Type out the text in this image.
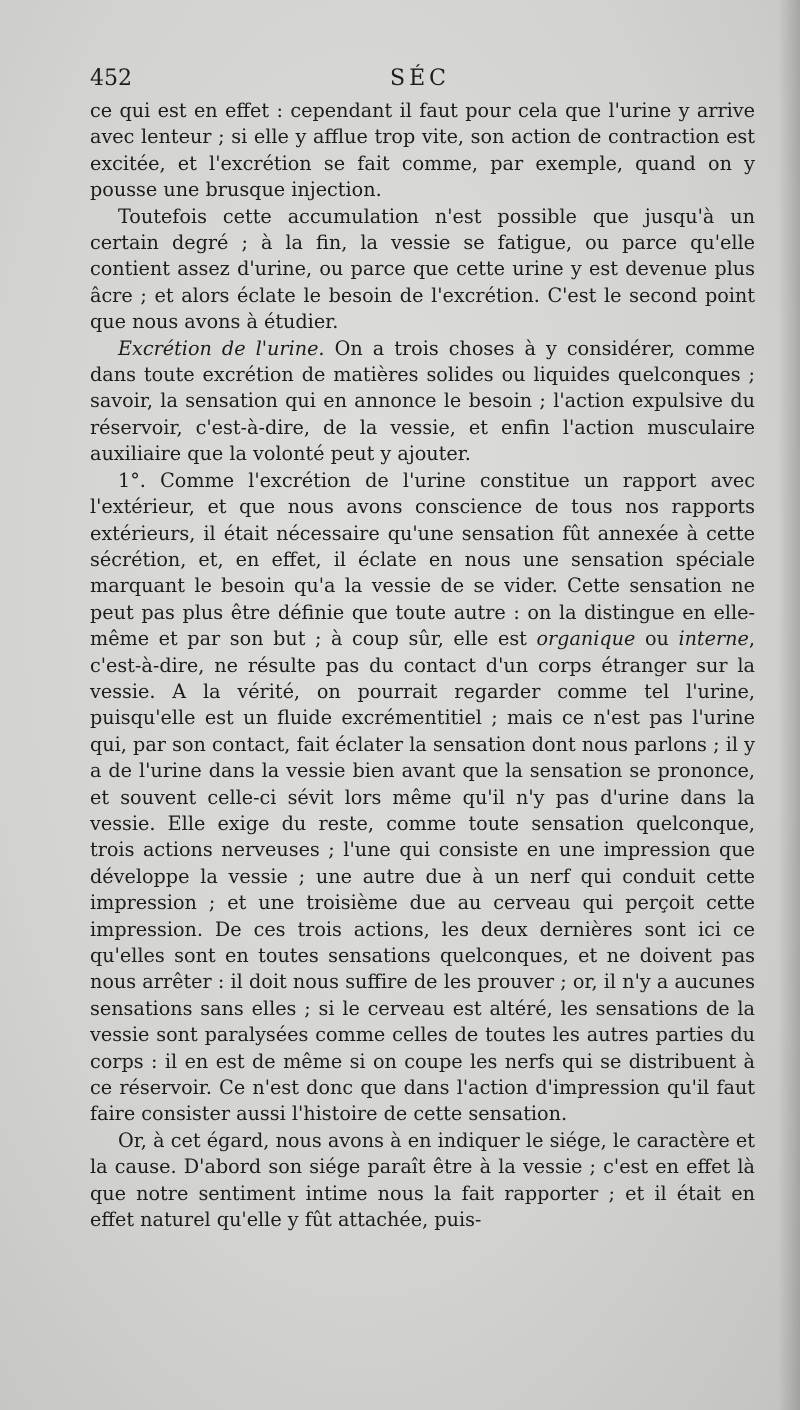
452	SÉC

ce qui est en effet : cependant il faut pour cela que l'urine y arrive avec lenteur ; si elle y afflue trop vite, son action de contraction est excitée, et l'excrétion se fait comme, par exemple, quand on y pousse une brusque injection.

Toutefois cette accumulation n'est possible que jusqu'à un certain degré ; à la fin, la vessie se fatigue, ou parce qu'elle contient assez d'urine, ou parce que cette urine y est devenue plus âcre ; et alors éclate le besoin de l'excrétion. C'est le second point que nous avons à étudier.

Excrétion de l'urine. On a trois choses à y considérer, comme dans toute excrétion de matières solides ou liquides quelconques ; savoir, la sensation qui en annonce le besoin ; l'action expulsive du réservoir, c'est-à-dire, de la vessie, et enfin l'action musculaire auxiliaire que la volonté peut y ajouter.

1°. Comme l'excrétion de l'urine constitue un rapport avec l'extérieur, et que nous avons conscience de tous nos rapports extérieurs, il était nécessaire qu'une sensation fût annexée à cette sécrétion, et, en effet, il éclate en nous une sensation spéciale marquant le besoin qu'a la vessie de se vider. Cette sensation ne peut pas plus être définie que toute autre : on la distingue en elle-même et par son but ; à coup sûr, elle est organique ou interne, c'est-à-dire, ne résulte pas du contact d'un corps étranger sur la vessie. A la vérité, on pourrait regarder comme tel l'urine, puisqu'elle est un fluide excrémentitiel ; mais ce n'est pas l'urine qui, par son contact, fait éclater la sensation dont nous parlons ; il y a de l'urine dans la vessie bien avant que la sensation se prononce, et souvent celle-ci sévit lors même qu'il n'y pas d'urine dans la vessie. Elle exige du reste, comme toute sensation quelconque, trois actions nerveuses ; l'une qui consiste en une impression que développe la vessie ; une autre due à un nerf qui conduit cette impression ; et une troisième due au cerveau qui perçoit cette impression. De ces trois actions, les deux dernières sont ici ce qu'elles sont en toutes sensations quelconques, et ne doivent pas nous arrêter : il doit nous suffire de les prouver ; or, il n'y a aucunes sensations sans elles ; si le cerveau est altéré, les sensations de la vessie sont paralysées comme celles de toutes les autres parties du corps : il en est de même si on coupe les nerfs qui se distribuent à ce réservoir. Ce n'est donc que dans l'action d'impression qu'il faut faire consister aussi l'histoire de cette sensation.

Or, à cet égard, nous avons à en indiquer le siége, le caractère et la cause. D'abord son siége paraît être à la vessie ; c'est en effet là que notre sentiment intime nous la fait rapporter ; et il était en effet naturel qu'elle y fût attachée, puis-
